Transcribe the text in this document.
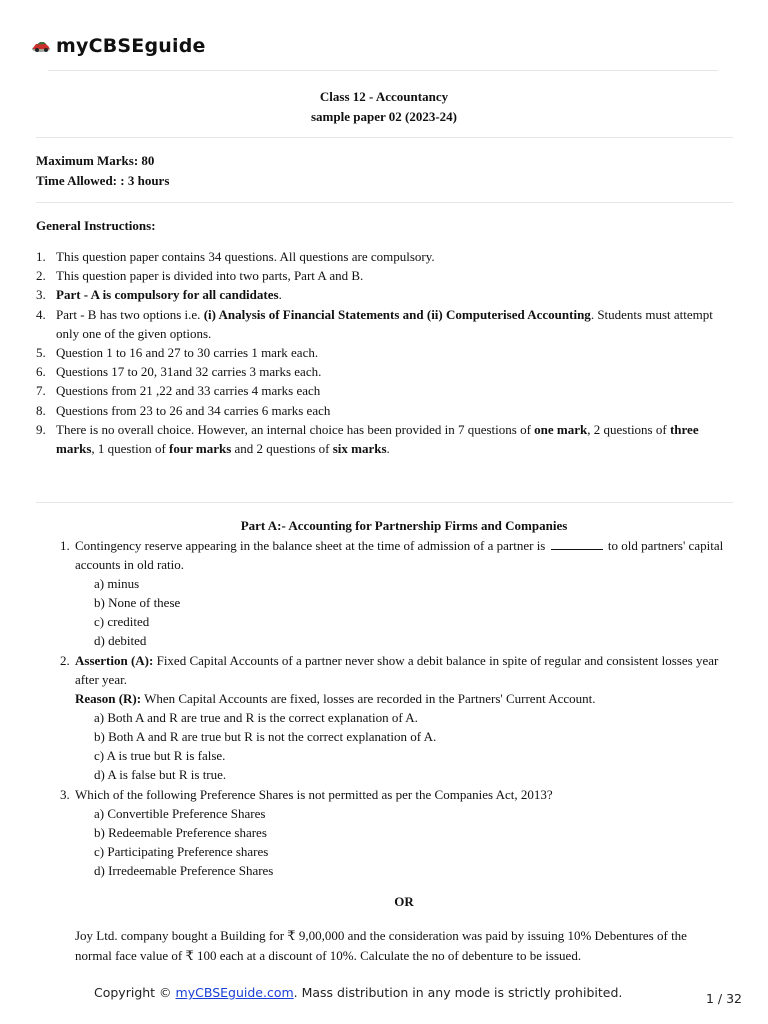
myCBSEguide
Class 12 - Accountancy
sample paper 02 (2023-24)
Maximum Marks: 80
Time Allowed: : 3 hours
General Instructions:
1. This question paper contains 34 questions. All questions are compulsory.
2. This question paper is divided into two parts, Part A and B.
3. Part - A is compulsory for all candidates.
4. Part - B has two options i.e. (i) Analysis of Financial Statements and (ii) Computerised Accounting. Students must attempt only one of the given options.
5. Question 1 to 16 and 27 to 30 carries 1 mark each.
6. Questions 17 to 20, 31and 32 carries 3 marks each.
7. Questions from 21 ,22 and 33 carries 4 marks each
8. Questions from 23 to 26 and 34 carries 6 marks each
9. There is no overall choice. However, an internal choice has been provided in 7 questions of one mark, 2 questions of three marks, 1 question of four marks and 2 questions of six marks.
Part A:- Accounting for Partnership Firms and Companies
1. Contingency reserve appearing in the balance sheet at the time of admission of a partner is	to old partners' capital accounts in old ratio.
a) minus
b) None of these
c) credited
d) debited
2. Assertion (A): Fixed Capital Accounts of a partner never show a debit balance in spite of regular and consistent losses year after year.
Reason (R): When Capital Accounts are fixed, losses are recorded in the Partners' Current Account.
a) Both A and R are true and R is the correct explanation of A.
b) Both A and R are true but R is not the correct explanation of A.
c) A is true but R is false.
d) A is false but R is true.
3. Which of the following Preference Shares is not permitted as per the Companies Act, 2013?
a) Convertible Preference Shares
b) Redeemable Preference shares
c) Participating Preference shares
d) Irredeemable Preference Shares
OR
Joy Ltd. company bought a Building for ₹ 9,00,000 and the consideration was paid by issuing 10% Debentures of the normal face value of ₹ 100 each at a discount of 10%. Calculate the no of debenture to be issued.
Copyright © myCBSEguide.com. Mass distribution in any mode is strictly prohibited.	1 / 32
